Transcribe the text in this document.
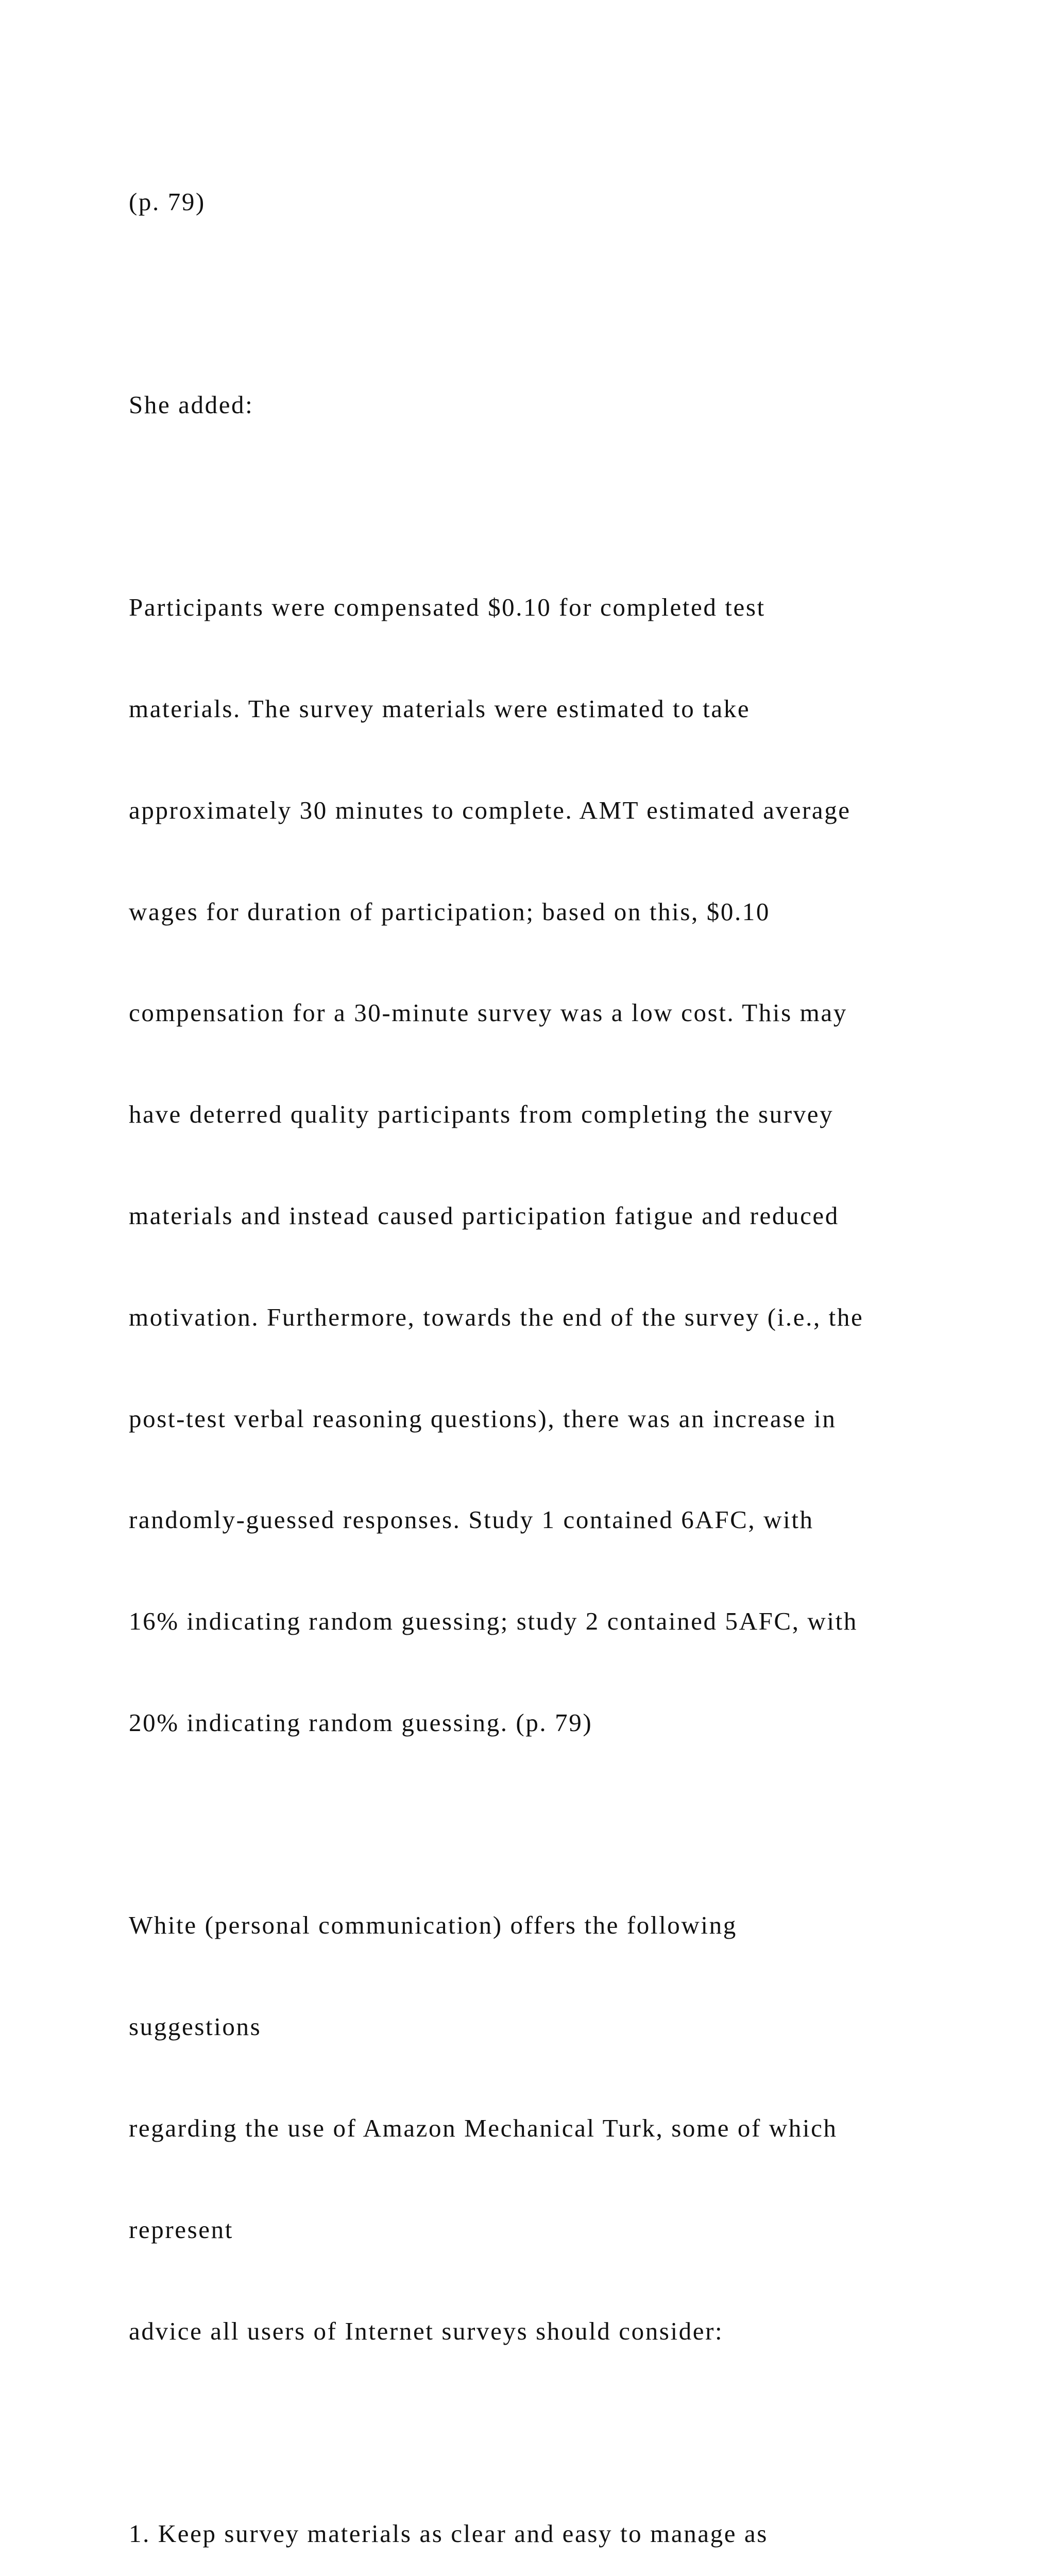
(p. 79)

She added:

Participants were compensated $0.10 for completed test

materials. The survey materials were estimated to take

approximately 30 minutes to complete. AMT estimated average

wages for duration of participation; based on this, $0.10

compensation for a 30-minute survey was a low cost. This may

have deterred quality participants from completing the survey

materials and instead caused participation fatigue and reduced

motivation. Furthermore, towards the end of the survey (i.e., the

post-test verbal reasoning questions), there was an increase in

randomly-guessed responses. Study 1 contained 6AFC, with

16% indicating random guessing; study 2 contained 5AFC, with

20% indicating random guessing. (p. 79)

White (personal communication) offers the following

suggestions

regarding the use of Amazon Mechanical Turk, some of which

represent

advice all users of Internet surveys should consider:

1. Keep survey materials as clear and easy to manage as
